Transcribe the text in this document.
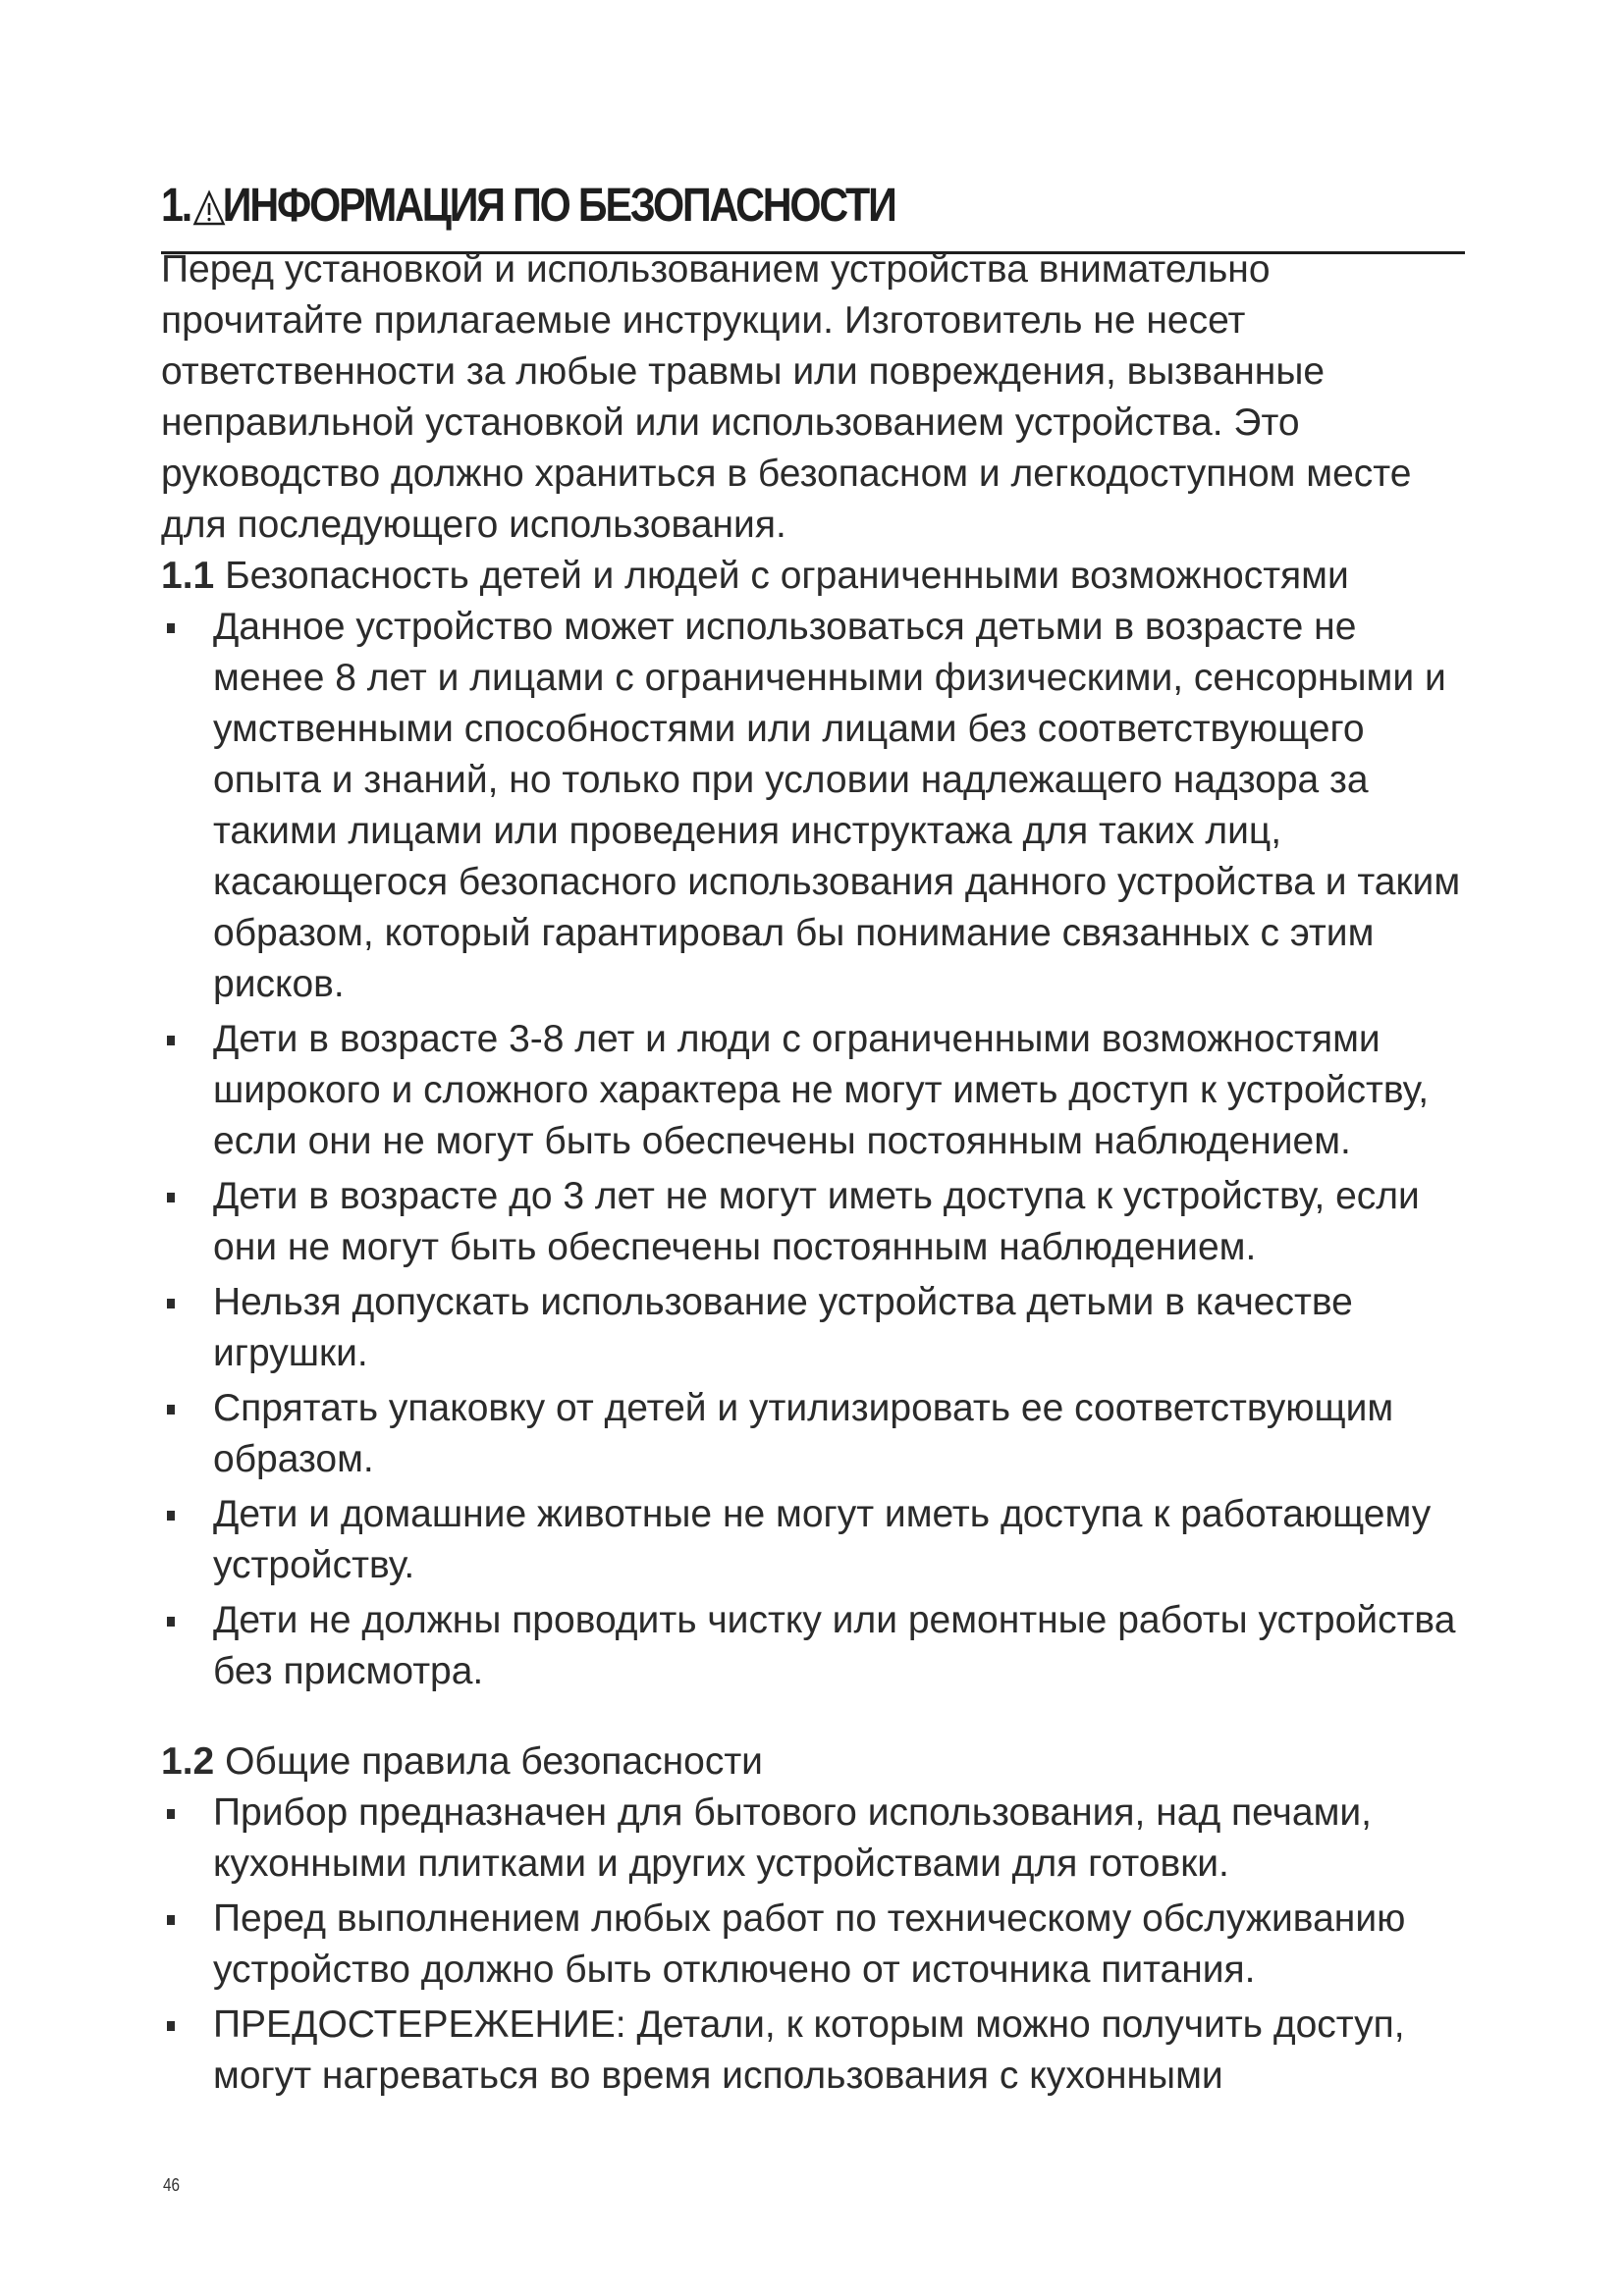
1. ИНФОРМАЦИЯ ПО БЕЗОПАСНОСТИ

Перед установкой и использованием устройства внимательно прочитайте прилагаемые инструкции. Изготовитель не несет ответственности за любые травмы или повреждения, вызванные неправильной установкой или использованием устройства. Это руководство должно храниться в безопасном и легкодоступном месте для последующего использования.

1.1 Безопасность детей и людей с ограниченными возможностями

Данное устройство может использоваться детьми в возрасте не менее 8 лет и лицами с ограниченными физическими, сенсорными и умственными способностями или лицами без соответствующего опыта и знаний, но только при условии надлежащего надзора за такими лицами или проведения инструктажа для таких лиц, касающегося безопасного использования данного устройства и таким образом, который гарантировал бы понимание связанных с этим рисков.
Дети в возрасте 3-8 лет и люди с ограниченными возможностями широкого и сложного характера не могут иметь доступ к устройству, если они не могут быть обеспечены постоянным наблюдением.
Дети в возрасте до 3 лет не могут иметь доступа к устройству, если они не могут быть обеспечены постоянным наблюдением.
Нельзя допускать использование устройства детьми в качестве игрушки.
Спрятать упаковку от детей и утилизировать ее соответствующим образом.
Дети и домашние животные не могут иметь доступа к работающему устройству.
Дети не должны проводить чистку или ремонтные работы устройства без присмотра.

1.2 Общие правила безопасности

Прибор предназначен для бытового использования, над печами, кухонными плитками и других устройствами для готовки.
Перед выполнением любых работ по техническому обслуживанию устройство должно быть отключено от источника питания.
ПРЕДОСТЕРЕЖЕНИЕ: Детали, к которым можно получить доступ, могут нагреваться во время использования с кухонными
46
